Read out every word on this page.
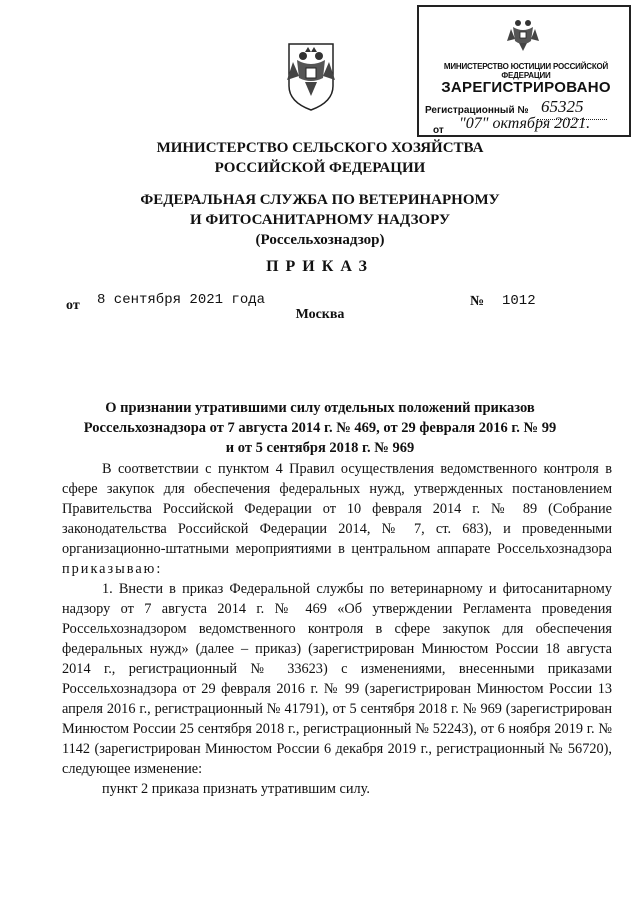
МИНИСТЕРСТВО ЮСТИЦИИ РОССИЙСКОЙ ФЕДЕРАЦИИ
ЗАРЕГИСТРИРОВАНО
Регистрационный № 65325
от "07" октября 2021.
МИНИСТЕРСТВО СЕЛЬСКОГО ХОЗЯЙСТВА
РОССИЙСКОЙ ФЕДЕРАЦИИ
ФЕДЕРАЛЬНАЯ СЛУЖБА ПО ВЕТЕРИНАРНОМУ
И ФИТОСАНИТАРНОМУ НАДЗОРУ
(Россельхознадзор)
ПРИКАЗ
от 8 сентября 2021 года	№ 1012
Москва
О признании утратившими силу отдельных положений приказов
Россельхознадзора от 7 августа 2014 г. № 469, от 29 февраля 2016 г. № 99
и от 5 сентября 2018 г. № 969

В соответствии с пунктом 4 Правил осуществления ведомственного контроля в сфере закупок для обеспечения федеральных нужд, утвержденных постановлением Правительства Российской Федерации от 10 февраля 2014 г. № 89 (Собрание законодательства Российской Федерации 2014, № 7, ст. 683), и проведенными организационно-штатными мероприятиями в центральном аппарате Россельхознадзора приказываю:

1. Внести в приказ Федеральной службы по ветеринарному и фитосанитарному надзору от 7 августа 2014 г. № 469 «Об утверждении Регламента проведения Россельхознадзором ведомственного контроля в сфере закупок для обеспечения федеральных нужд» (далее – приказ) (зарегистрирован Минюстом России 18 августа 2014 г., регистрационный № 33623) с изменениями, внесенными приказами Россельхознадзора от 29 февраля 2016 г. № 99 (зарегистрирован Минюстом России 13 апреля 2016 г., регистрационный № 41791), от 5 сентября 2018 г. № 969 (зарегистрирован Минюстом России 25 сентября 2018 г., регистрационный № 52243), от 6 ноября 2019 г. № 1142 (зарегистрирован Минюстом России 6 декабря 2019 г., регистрационный № 56720), следующее изменение:

пункт 2 приказа признать утратившим силу.
